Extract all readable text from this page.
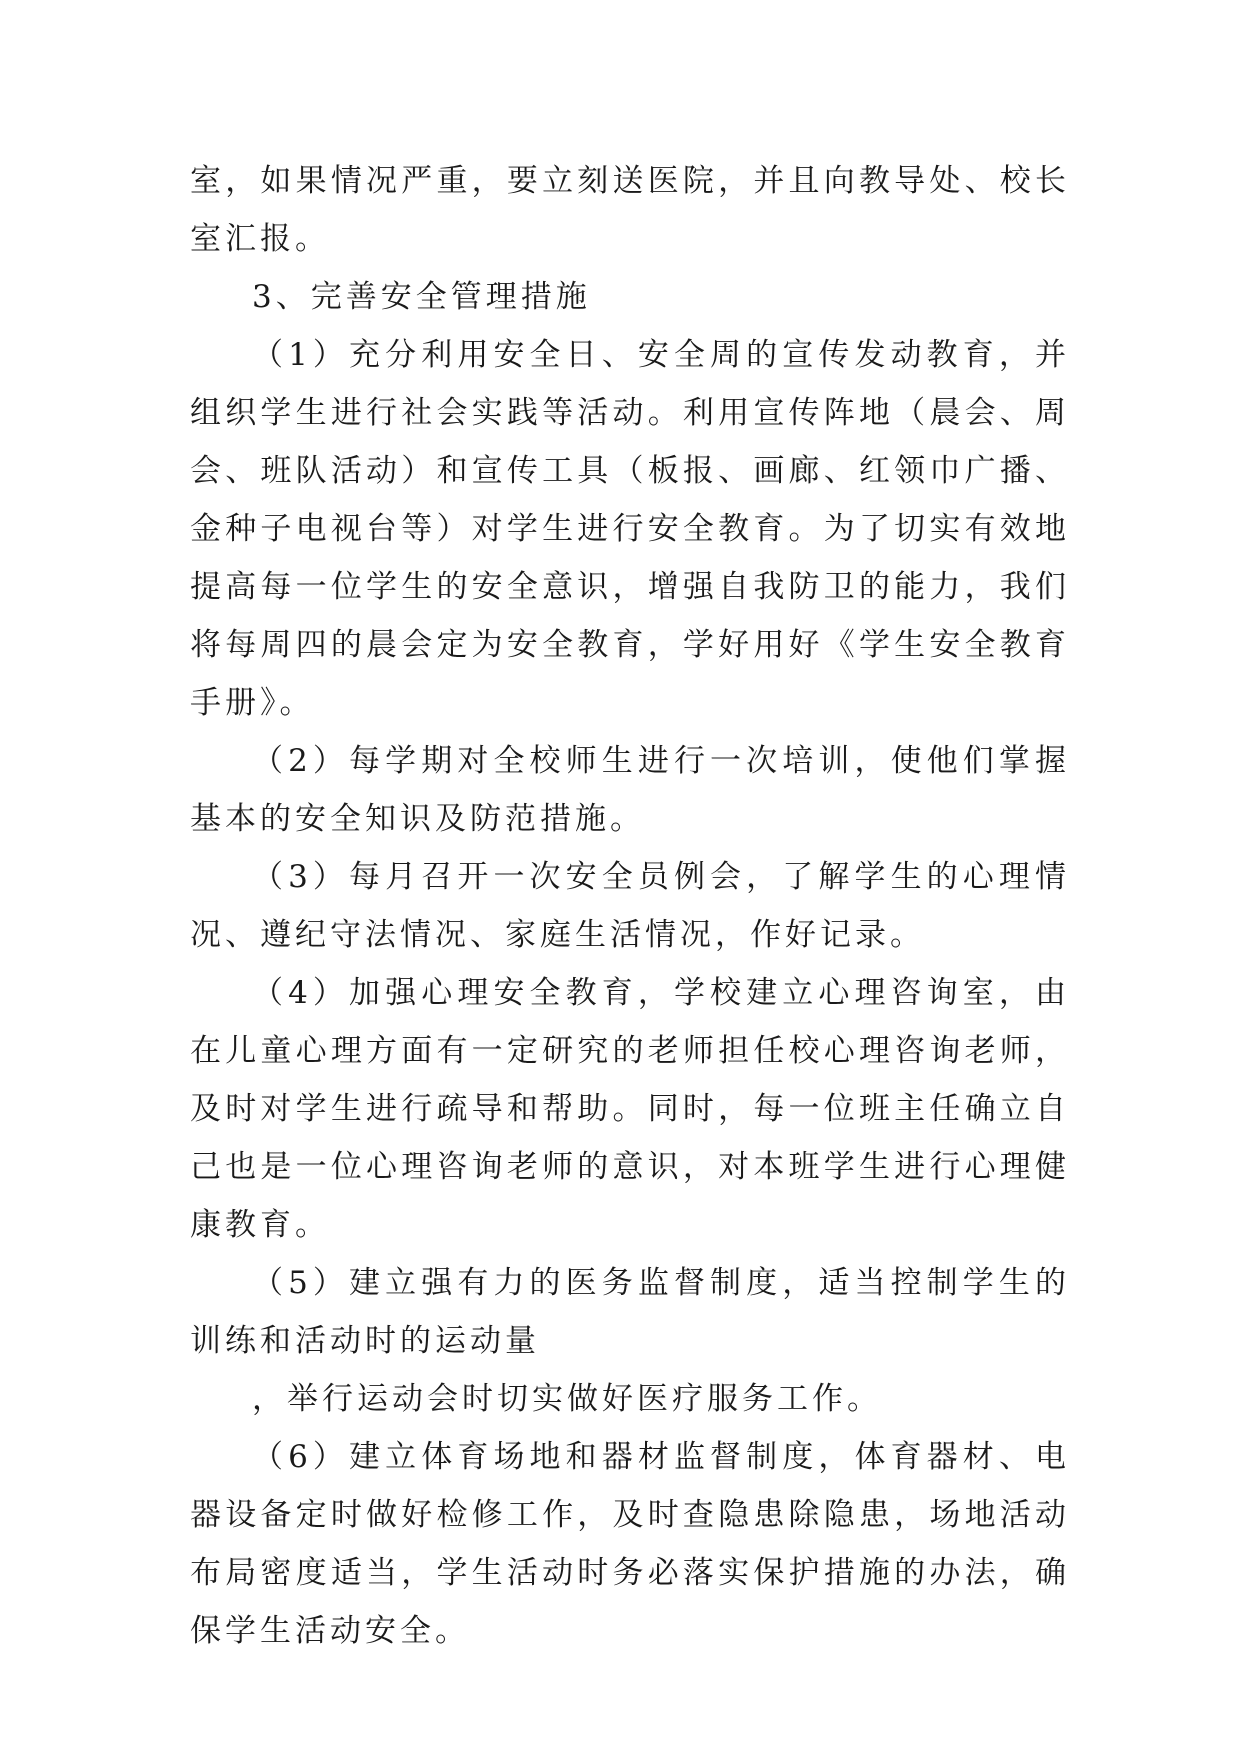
室，如果情况严重，要立刻送医院，并且向教导处、校长室汇报。

3、完善安全管理措施

（1）充分利用安全日、安全周的宣传发动教育，并组织学生进行社会实践等活动。利用宣传阵地（晨会、周会、班队活动）和宣传工具（板报、画廊、红领巾广播、金种子电视台等）对学生进行安全教育。为了切实有效地提高每一位学生的安全意识，增强自我防卫的能力，我们将每周四的晨会定为安全教育，学好用好《学生安全教育手册》。

（2）每学期对全校师生进行一次培训，使他们掌握基本的安全知识及防范措施。

（3）每月召开一次安全员例会，了解学生的心理情况、遵纪守法情况、家庭生活情况，作好记录。

（4）加强心理安全教育，学校建立心理咨询室，由在儿童心理方面有一定研究的老师担任校心理咨询老师，及时对学生进行疏导和帮助。同时，每一位班主任确立自己也是一位心理咨询老师的意识，对本班学生进行心理健康教育。

（5）建立强有力的医务监督制度，适当控制学生的训练和活动时的运动量

，举行运动会时切实做好医疗服务工作。

（6）建立体育场地和器材监督制度，体育器材、电器设备定时做好检修工作，及时查隐患除隐患，场地活动布局密度适当，学生活动时务必落实保护措施的办法，确保学生活动安全。
